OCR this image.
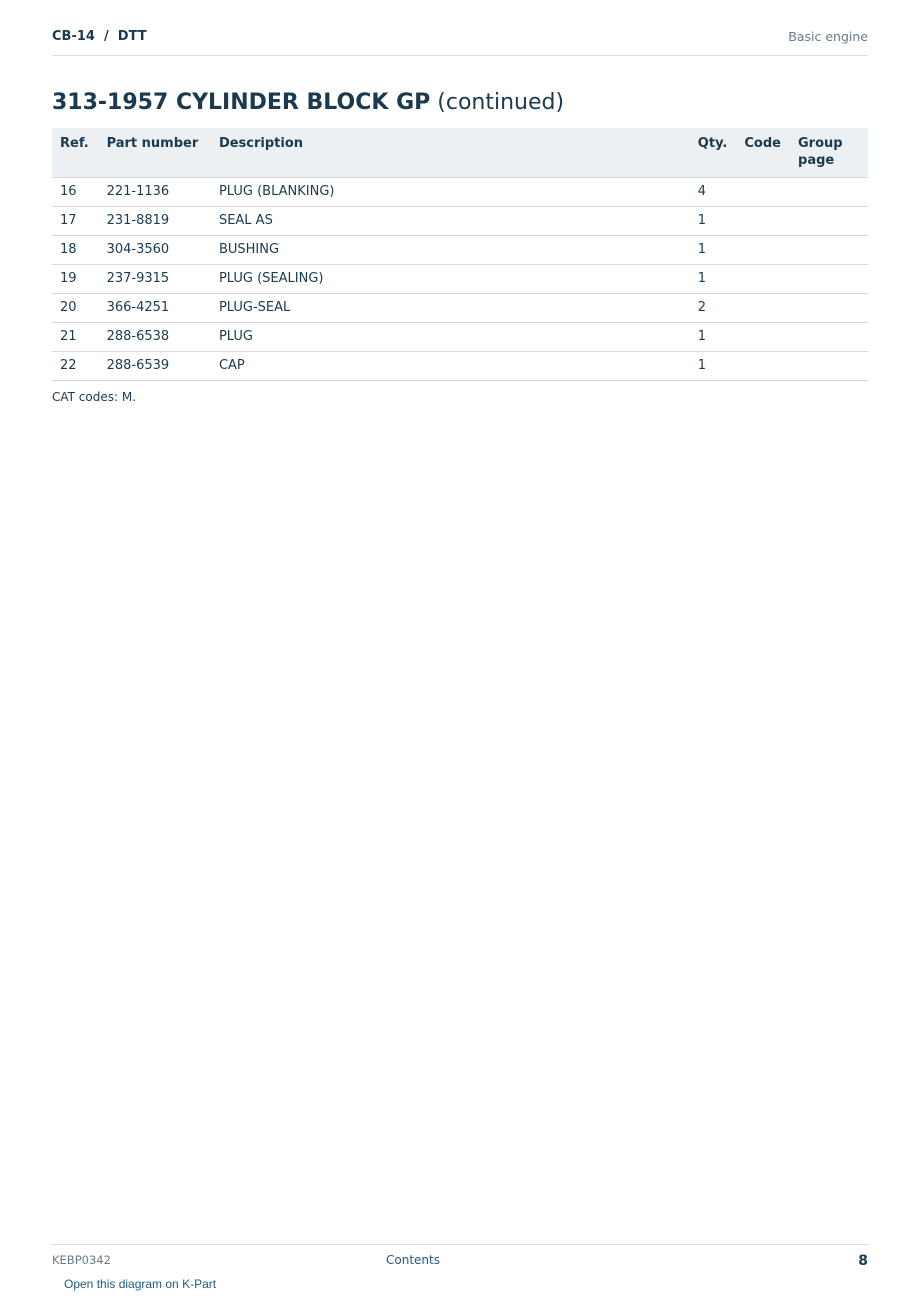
CB-14  /  DTT	Basic engine
313-1957 CYLINDER BLOCK GP (continued)
Ref.	Part number	Description	Qty.	Code	Group page
16	221-1136	PLUG (BLANKING)	4		
17	231-8819	SEAL AS	1		
18	304-3560	BUSHING	1		
19	237-9315	PLUG (SEALING)	1		
20	366-4251	PLUG-SEAL	2		
21	288-6538	PLUG	1		
22	288-6539	CAP	1		
CAT codes: M.
KEBP0342	Contents	8
Open this diagram on K-Part
